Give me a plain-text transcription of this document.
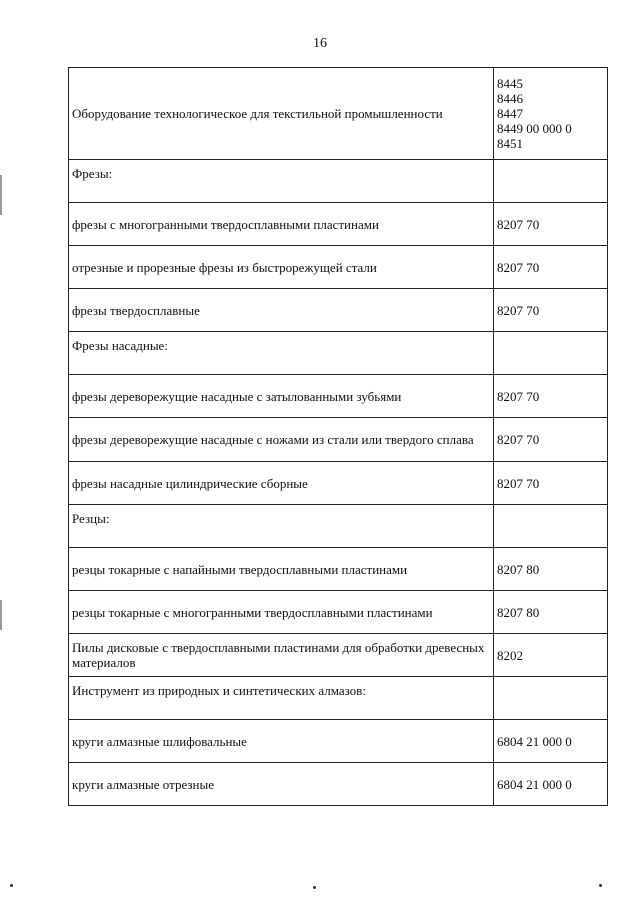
16
Оборудование технологическое для текстильной промышленности	8445
8446
8447
8449 00 000 0
8451

Фрезы:	
фрезы с многогранными твердосплавными пластинами	8207 70

отрезные и прорезные фрезы из быстрорежущей стали	8207 70

фрезы твердосплавные	8207 70

Фрезы насадные:	
фрезы дереворежущие насадные с затылованными зубьями	8207 70

фрезы дереворежущие насадные с ножами из стали или твердого сплава	8207 70

фрезы насадные цилиндрические сборные	8207 70

Резцы:	
резцы токарные с напайными твердосплавными пластинами	8207 80

резцы токарные с многогранными твердосплавными пластинами	8207 80

Пилы дисковые с твердосплавными пластинами для обработки древесных материалов	8202

Инструмент из природных и синтетических алмазов:	
круги алмазные шлифовальные	6804 21 000 0

круги алмазные отрезные	6804 21 000 0
